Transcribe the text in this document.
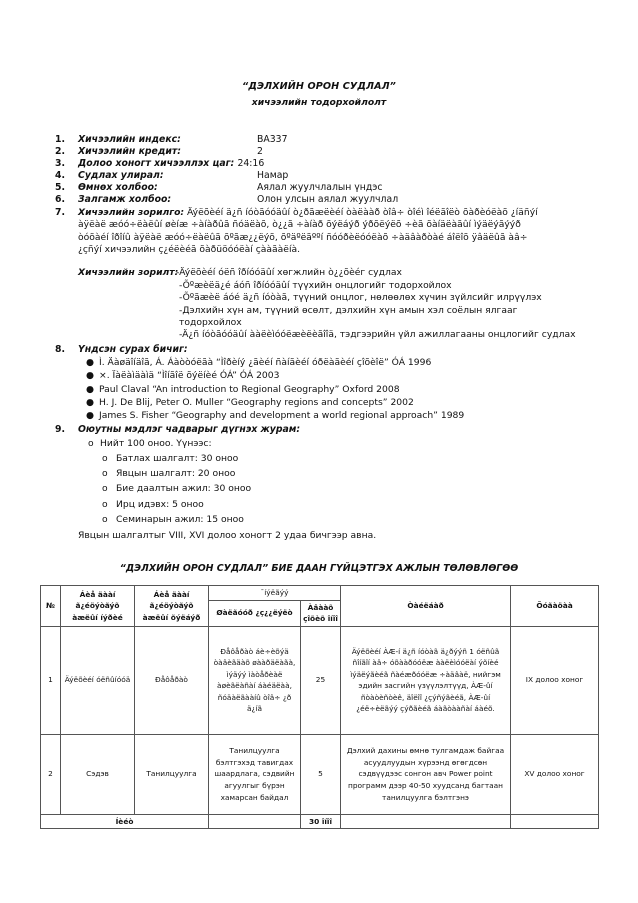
“ДЭЛХИЙН ОРОН СУДЛАЛ”
хичээлийн тодорхойлолт
1. Хичээлийн индекс:	BA337
2. Хичээлийн кредит:	2
3. Долоо хоногт хичээллэх цаг: 24:16
4. Судлах улирал:	Намар
5. Өмнөх холбоо:	Аялал жуулчлалын үндэс
6. Залгамж холбоо:	Олон улсын аялал жуулчлал
7. Хичээлийн зорилго: Äýëõèéí ä¿ñ íóòãóóäûí ò¿ðãæëèéí òàëààð òîâ÷ òîéì îéëãîëò õàðèóëàõ ¿íäñýí àÿëàë æóó÷ëàëûí øèíæ ÷àíàðûã ñóäëàõ, ò¿¿ã ÷àíàð õýëáýð ýðõëýëõ ÷èã õàíäëàãûí ìýäëýãýýð òóõàéí îðîíû àÿëàë æóó÷ëàëûã õºãæ¿¿ëýõ, õºäºëãººí ñóóðèëóóëàõ ÷àäâàðòàé áîëîõ ÿâäëûã àâ÷ ¿çñýí хичээлийн ç¿éëèéã õàðüöóóëàí çààãàëíà.
Хичээлийн зорилт:
-Äýëõèéí óëñ îðíóóäûí хөгжлийн ò¿¿õèéг судлах
-Õºæèëä¿é áóñ îðíóóäûí түүхийн онцлогийг тодорхойлох
-Õºãæèë áóé ä¿ñ íóòàã, түүний онцлог, нөлөөлөх хүчин зүйлсийг илрүүлэх
-Дэлхийн хүн ам, түүний өсөлт, дэлхийн хүн амын хэл соёлын ялгааг
тодорхойлох
-Ä¿ñ íóòãóóäûí ààëèìóóëæèëèãîîä, тэдгээрийн үйл ажиллагааны онцлогийг судлах
8. Үндсэн сурах бичиг:
● Ì. Äàøäîíäîã, Á. Áàòòóëãà “Ìîðèíý ¿ãèéí ñàíãèéí óðëàãèéí çîõèîë” ÓÁ 1996
● ×. Ïàëàìäàìä “Ìîíãîë õýëíèé ÓÁ” ÓÁ 2003
● Paul Claval “An introduction to Regional Geography” Oxford 2008
● H. J. De Blij, Peter O. Muller “Geography regions and concepts” 2002
● James S. Fisher “Geography and development a world regional approach” 1989
9. Оюутны мэдлэг чадварыг дүгнэх журам:
o Нийт 100 оноо. Үүнээс:
o Батлах шалгалт: 30 оноо
o Явцын шалгалт: 20 оноо
o Бие даалтын ажил: 30 оноо
o Ирц идэвх: 5 оноо
o Семинарын ажил: 15 оноо
Явцын шалгалтыг VIII, XVI долоо хоногт 2 удаа бичгээр авна.
“ДЭЛХИЙН ОРОН СУДЛАЛ” БИЕ ДААН ГҮЙЦЭТГЭХ АЖЛЫН ТӨЛӨВЛӨГӨӨ
№	Áèå äààí ã¿éöýòãýõ àæëûí íýðèé	Áèå äààí ã¿éöýòãýõ àæëûí õýëáýð	¯íýëãýý		Òàéëáàð	Õóãàöàà
			Øàëãóóð ¿ç¿¿ëýëò	Àâààõ çîõèõ îíîî		
1	Äýëõèéí óëñûíóóä	Ðåôåðàò	Ðåôåðàò áè÷èõýä òàâèãäàõ øààðäëàãà, ìýäýý ìàòåðèàë àøèãëàñàí áàéäëàà, ñóäàëãààíû òîâ÷ ¿ð ä¿íã	25	Äýëõèéí ÀÆ-í ä¿ñ íóòàã ä¿ðýýñ 1 óëñûã ñîíãîí àâ÷ óõààðóóëæ ààëèìóóëàí ýõíèé ìýäëýãèéã ñàéæðóóëæ ÷àäâàë, нийгэм эдийн засгийн үзүүлэлтүүд, ÀÆ-ûí ñòàòèñòèê, äîëîî ¿çýñýãèéã, ÀÆ-ûí ¿éë÷èëãýý çýðãèéã áàãòààñàí áàéõ.	IX долоо хоног
2	Сэдэв	Танилцуулга	Танилцуулга бэлтгэхэд тавигдах шаардлага, сэдвийн агуулгыг бүрэн хамарсан байдал	5	Дэлхий дахины өмнө тулгамдаж байгаа асуудлуудын хүрээнд өгөгдсөн сэдвүүдээс сонгон авч Power point программ дээр 40-50 хуудсанд багтаан танилцуулга бэлтгэнэ	XV долоо хоног
Íèéò				30 îíîî		
